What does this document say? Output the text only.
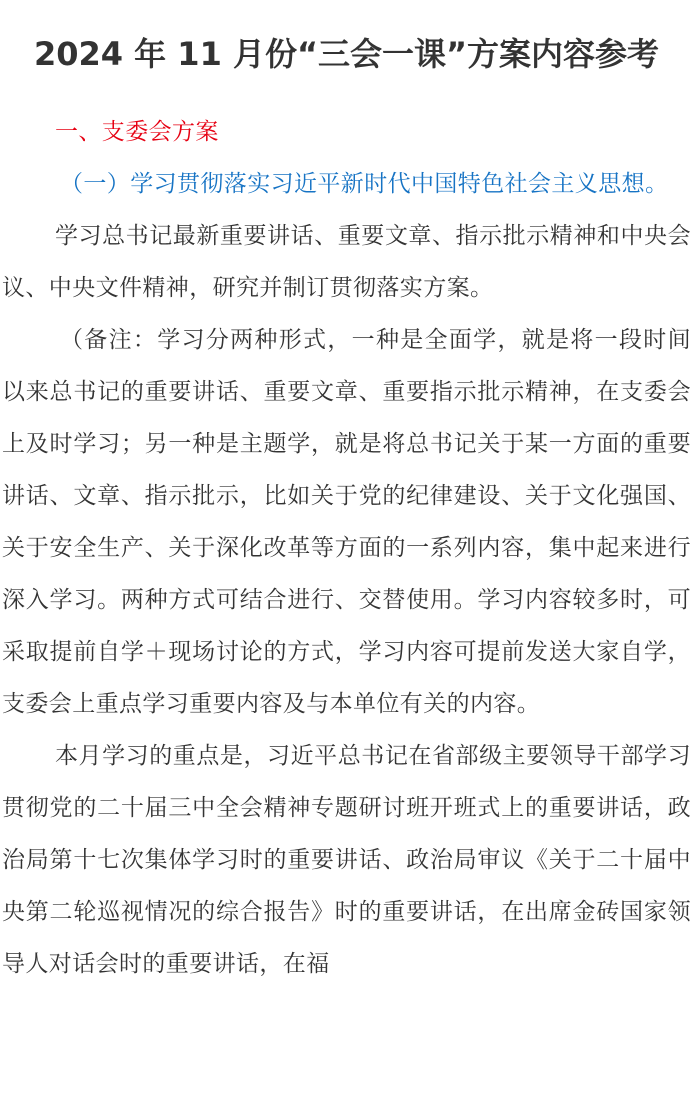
2024 年 11 月份“三会一课”方案内容参考

一、支委会方案

（一）学习贯彻落实习近平新时代中国特色社会主义思想。

学习总书记最新重要讲话、重要文章、指示批示精神和中央会议、中央文件精神，研究并制订贯彻落实方案。

（备注：学习分两种形式，一种是全面学，就是将一段时间以来总书记的重要讲话、重要文章、重要指示批示精神，在支委会上及时学习；另一种是主题学，就是将总书记关于某一方面的重要讲话、文章、指示批示，比如关于党的纪律建设、关于文化强国、关于安全生产、关于深化改革等方面的一系列内容，集中起来进行深入学习。两种方式可结合进行、交替使用。学习内容较多时，可采取提前自学＋现场讨论的方式，学习内容可提前发送大家自学，支委会上重点学习重要内容及与本单位有关的内容。

本月学习的重点是，习近平总书记在省部级主要领导干部学习贯彻党的二十届三中全会精神专题研讨班开班式上的重要讲话，政治局第十七次集体学习时的重要讲话、政治局审议《关于二十届中央第二轮巡视情况的综合报告》时的重要讲话，在出席金砖国家领导人对话会时的重要讲话，在福
